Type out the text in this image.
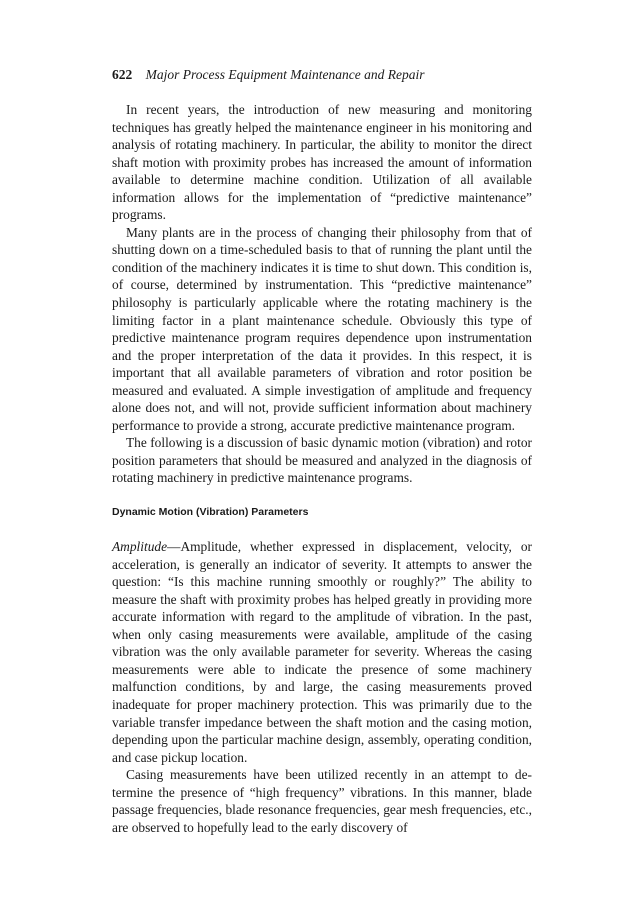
622 Major Process Equipment Maintenance and Repair

In recent years, the introduction of new measuring and monitoring techniques has greatly helped the maintenance engineer in his monitoring and analysis of rotating machinery. In particular, the ability to monitor the direct shaft motion with proximity probes has increased the amount of information available to determine machine condition. Utilization of all available information allows for the implementation of “predictive maintenance” programs.

Many plants are in the process of changing their philosophy from that of shutting down on a time-scheduled basis to that of running the plant until the condition of the machinery indicates it is time to shut down. This condition is, of course, determined by instrumentation. This “predictive maintenance” philosophy is particularly applicable where the rotating machinery is the limiting factor in a plant maintenance schedule. Obviously this type of predictive maintenance program requires dependence upon instrumentation and the proper interpretation of the data it provides. In this respect, it is important that all available parameters of vibration and rotor position be measured and evaluated. A simple investigation of amplitude and frequency alone does not, and will not, provide sufficient information about machinery performance to provide a strong, accurate predictive maintenance program.

The following is a discussion of basic dynamic motion (vibration) and rotor position parameters that should be measured and analyzed in the diagnosis of rotating machinery in predictive maintenance programs.

Dynamic Motion (Vibration) Parameters

Amplitude—Amplitude, whether expressed in displacement, velocity, or acceleration, is generally an indicator of severity. It attempts to answer the question: “Is this machine running smoothly or roughly?” The ability to measure the shaft with proximity probes has helped greatly in providing more accurate information with regard to the amplitude of vibration. In the past, when only casing measurements were available, amplitude of the casing vibration was the only available parameter for severity. Whereas the casing measurements were able to indicate the presence of some machinery malfunction conditions, by and large, the casing measurements proved inadequate for proper machinery protection. This was primarily due to the variable transfer impedance between the shaft motion and the casing motion, depending upon the particular machine design, assembly, operating condition, and case pickup location.

Casing measurements have been utilized recently in an attempt to determine the presence of “high frequency” vibrations. In this manner, blade passage frequencies, blade resonance frequencies, gear mesh frequencies, etc., are observed to hopefully lead to the early discovery of
